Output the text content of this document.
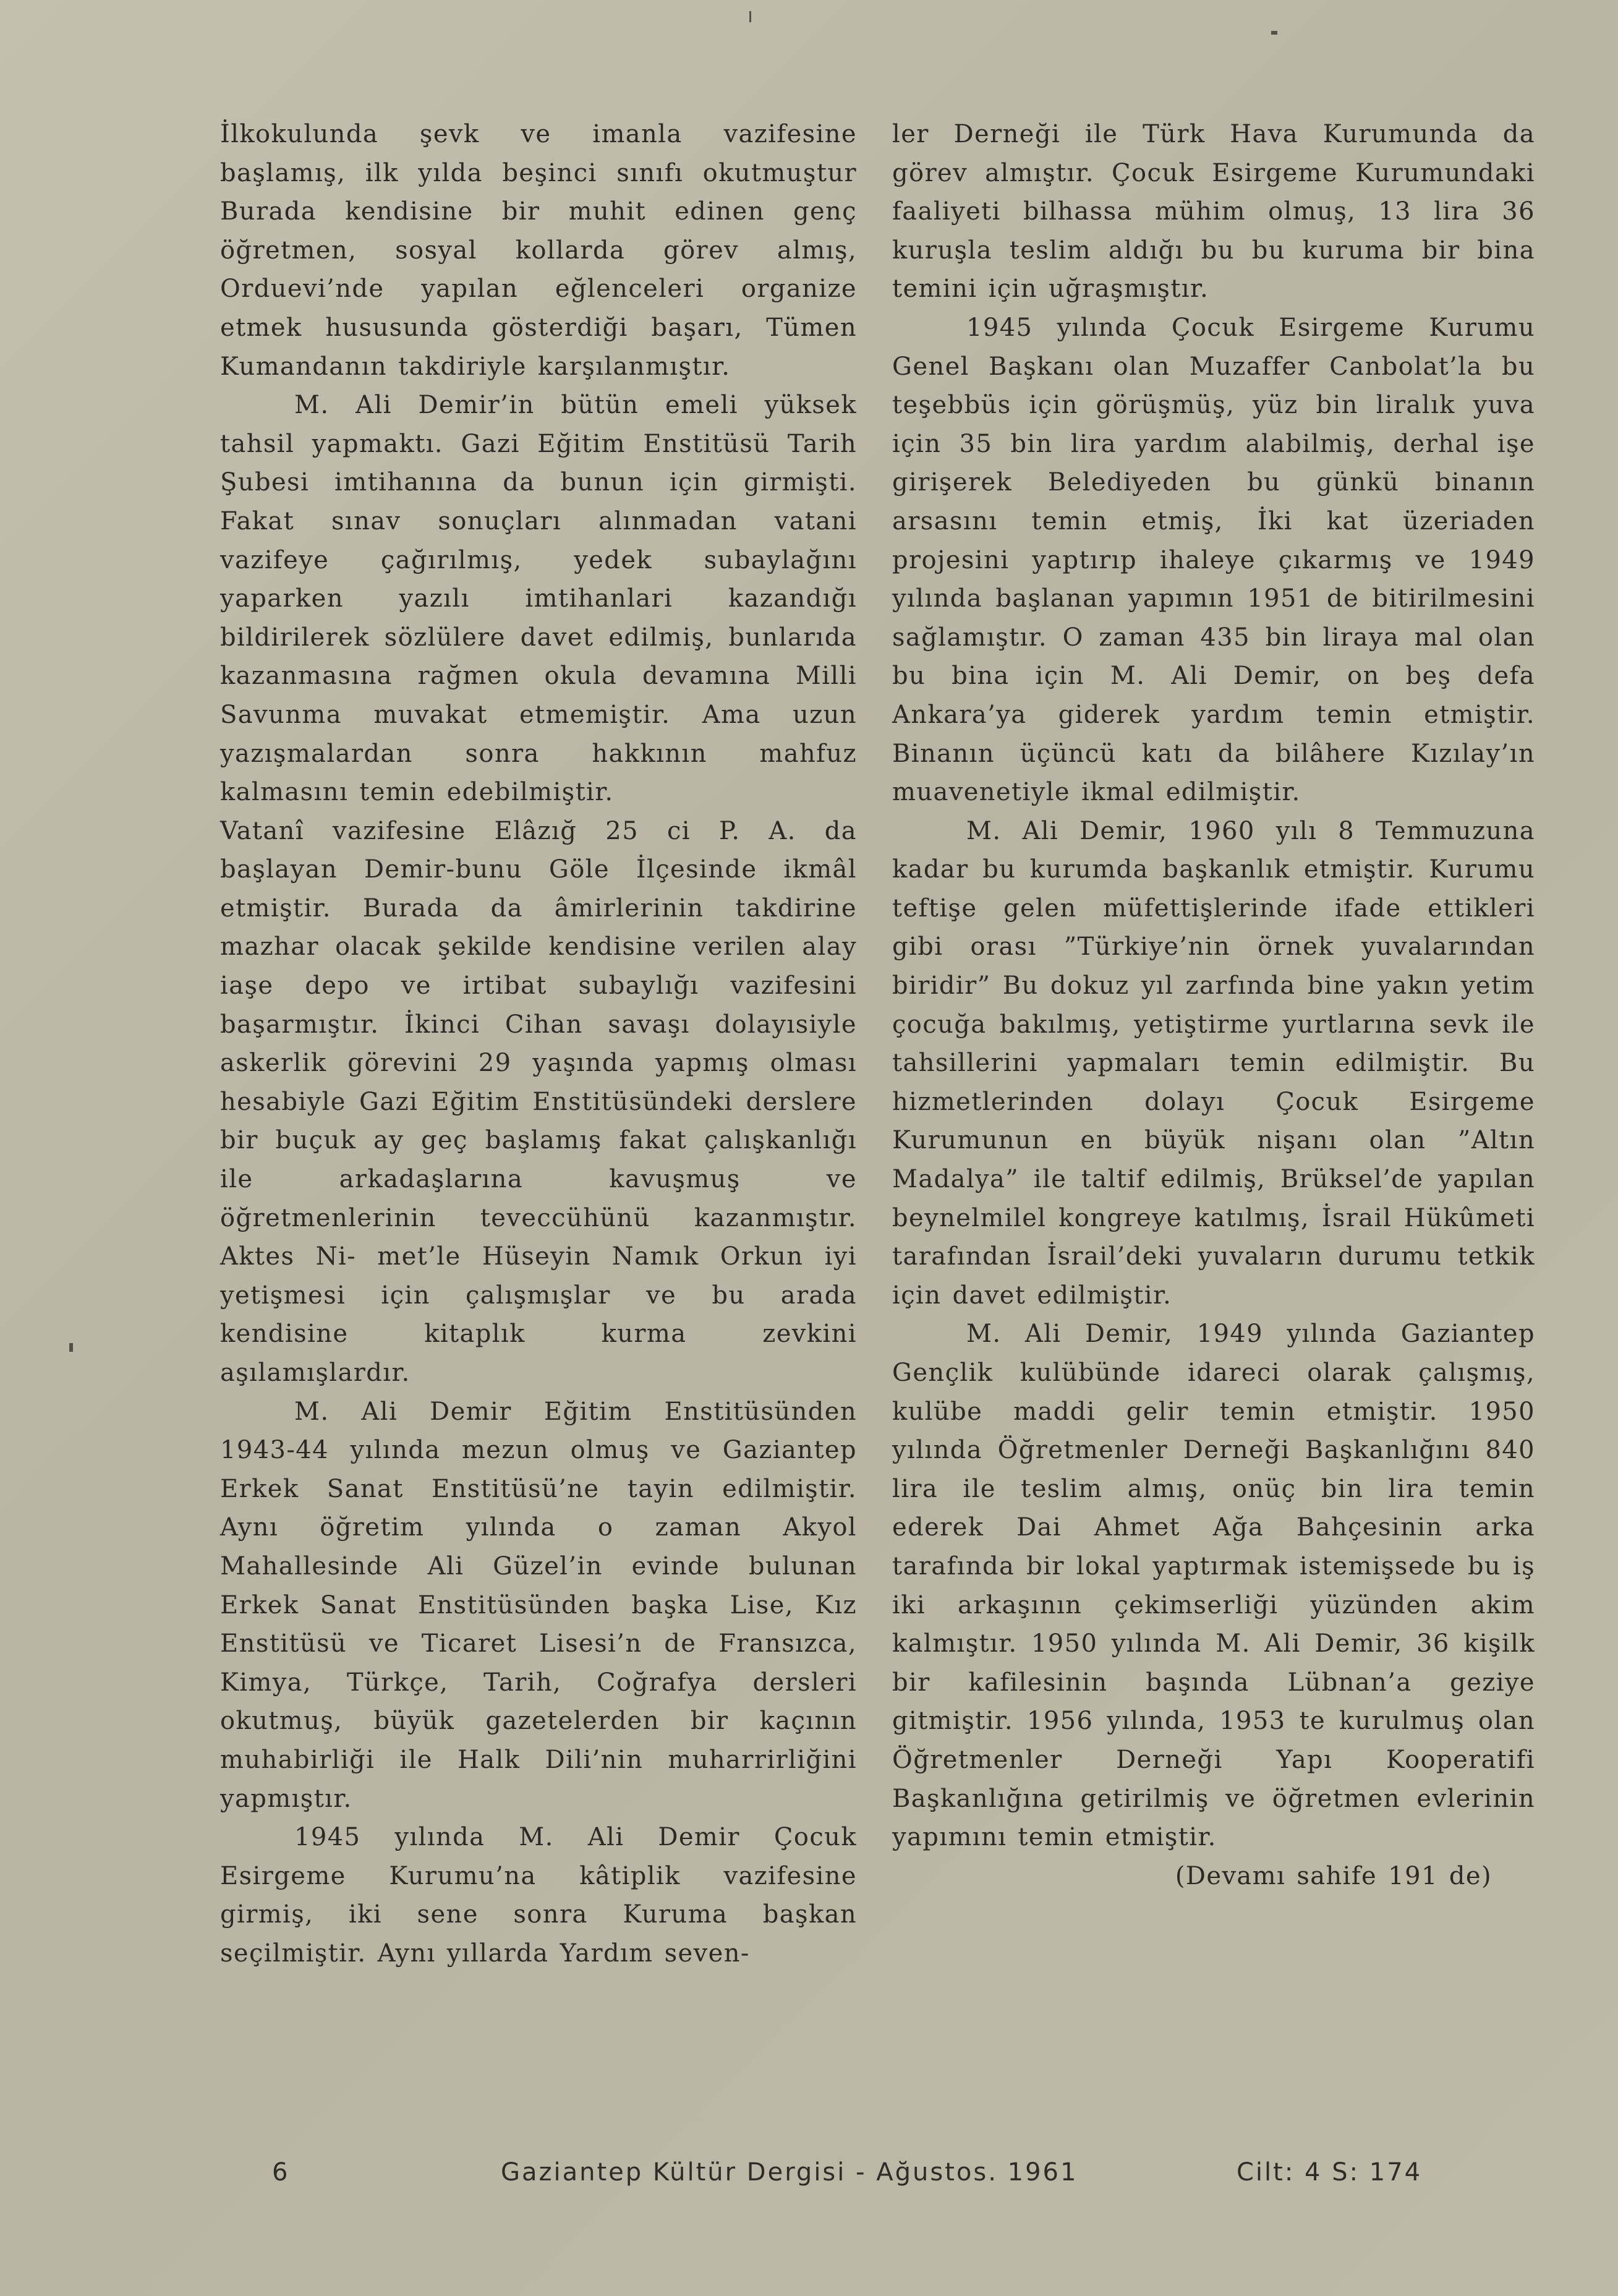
İlkokulunda şevk ve imanla vazifesine başlamış, ilk yılda beşinci sınıfı okutmuştur Burada kendisine bir muhit edinen genç öğretmen, sosyal kollarda görev almış, Orduevi’nde yapılan eğlenceleri organize etmek hususunda gösterdiği başarı, Tümen Kumandanın takdiriyle karşılanmıştır.

M. Ali Demir’in bütün emeli yüksek tahsil yapmaktı. Gazi Eğitim Enstitüsü Tarih Şubesi imtihanına da bunun için girmişti. Fakat sınav sonuçları alınmadan vatani vazifeye çağırılmış, yedek subaylağını yaparken yazılı imtihanlari kazandığı bildirilerek sözlülere davet edilmiş, bunlarıda kazanmasına rağmen okula devamına Milli Savunma muvakat etmemiştir. Ama uzun yazışmalardan sonra hakkının mahfuz kalmasını temin edebilmiştir.

Vatanî vazifesine Elâzığ 25 ci P. A. da başlayan Demir-bunu Göle İlçesinde ikmâl etmiştir. Burada da âmirlerinin takdirine mazhar olacak şekilde kendisine verilen alay iaşe depo ve irtibat subaylığı vazifesini başarmıştır. İkinci Cihan savaşı dolayısiyle askerlik görevini 29 yaşında yapmış olması hesabiyle Gazi Eğitim Enstitüsündeki derslere bir buçuk ay geç başlamış fakat çalışkanlığı ile arkadaşlarına kavuşmuş ve öğretmenlerinin teveccühünü kazanmıştır. Aktes Ni- met’le Hüseyin Namık Orkun iyi yetişmesi için çalışmışlar ve bu arada kendisine kitaplık kurma zevkini aşılamışlardır.

M. Ali Demir Eğitim Enstitüsünden 1943-44 yılında mezun olmuş ve Gaziantep Erkek Sanat Enstitüsü’ne tayin edilmiştir. Aynı öğretim yılında o zaman Akyol Mahallesinde Ali Güzel’in evinde bulunan Erkek Sanat Enstitüsünden başka Lise, Kız Enstitüsü ve Ticaret Lisesi’n de Fransızca, Kimya, Türkçe, Tarih, Coğrafya dersleri okutmuş, büyük gazetelerden bir kaçının muhabirliği ile Halk Dili’nin muharrirliğini yapmıştır.

1945 yılında M. Ali Demir Çocuk Esirgeme Kurumu’na kâtiplik vazifesine girmiş, iki sene sonra Kuruma başkan seçilmiştir. Aynı yıllarda Yardım seven-

ler Derneği ile Türk Hava Kurumunda da görev almıştır. Çocuk Esirgeme Kurumundaki faaliyeti bilhassa mühim olmuş, 13 lira 36 kuruşla teslim aldığı bu bu kuruma bir bina temini için uğraşmıştır.

1945 yılında Çocuk Esirgeme Kurumu Genel Başkanı olan Muzaffer Canbolat’la bu teşebbüs için görüşmüş, yüz bin liralık yuva için 35 bin lira yardım alabilmiş, derhal işe girişerek Belediyeden bu günkü binanın arsasını temin etmiş, İki kat üzeriaden projesini yaptırıp ihaleye çıkarmış ve 1949 yılında başlanan yapımın 1951 de bitirilmesini sağlamıştır. O zaman 435 bin liraya mal olan bu bina için M. Ali Demir, on beş defa Ankara’ya giderek yardım temin etmiştir. Binanın üçüncü katı da bilâhere Kızılay’ın muavenetiyle ikmal edilmiştir.

M. Ali Demir, 1960 yılı 8 Temmuzuna kadar bu kurumda başkanlık etmiştir. Kurumu teftişe gelen müfettişlerinde ifade ettikleri gibi orası ”Türkiye’nin örnek yuvalarından biridir” Bu dokuz yıl zarfında bine yakın yetim çocuğa bakılmış, yetiştirme yurtlarına sevk ile tahsillerini yapmaları temin edilmiştir. Bu hizmetlerinden dolayı Çocuk Esirgeme Kurumunun en büyük nişanı olan ”Altın Madalya” ile taltif edilmiş, Brüksel’de yapılan beynelmilel kongreye katılmış, İsrail Hükûmeti tarafından İsrail’deki yuvaların durumu tetkik için davet edilmiştir.

M. Ali Demir, 1949 yılında Gaziantep Gençlik kulübünde idareci olarak çalışmış, kulübe maddi gelir temin etmiştir. 1950 yılında Öğretmenler Derneği Başkanlığını 840 lira ile teslim almış, onüç bin lira temin ederek Dai Ahmet Ağa Bahçesinin arka tarafında bir lokal yaptırmak istemişsede bu iş iki arkaşının çekimserliği yüzünden akim kalmıştır. 1950 yılında M. Ali Demir, 36 kişilk bir kafilesinin başında Lübnan’a geziye gitmiştir. 1956 yılında, 1953 te kurulmuş olan Öğretmenler Derneği Yapı Kooperatifi Başkanlığına getirilmiş ve öğretmen evlerinin yapımını temin etmiştir.

(Devamı sahife 191 de)

6	Gaziantep Kültür Dergisi - Ağustos. 1961	Cilt: 4 S: 174
